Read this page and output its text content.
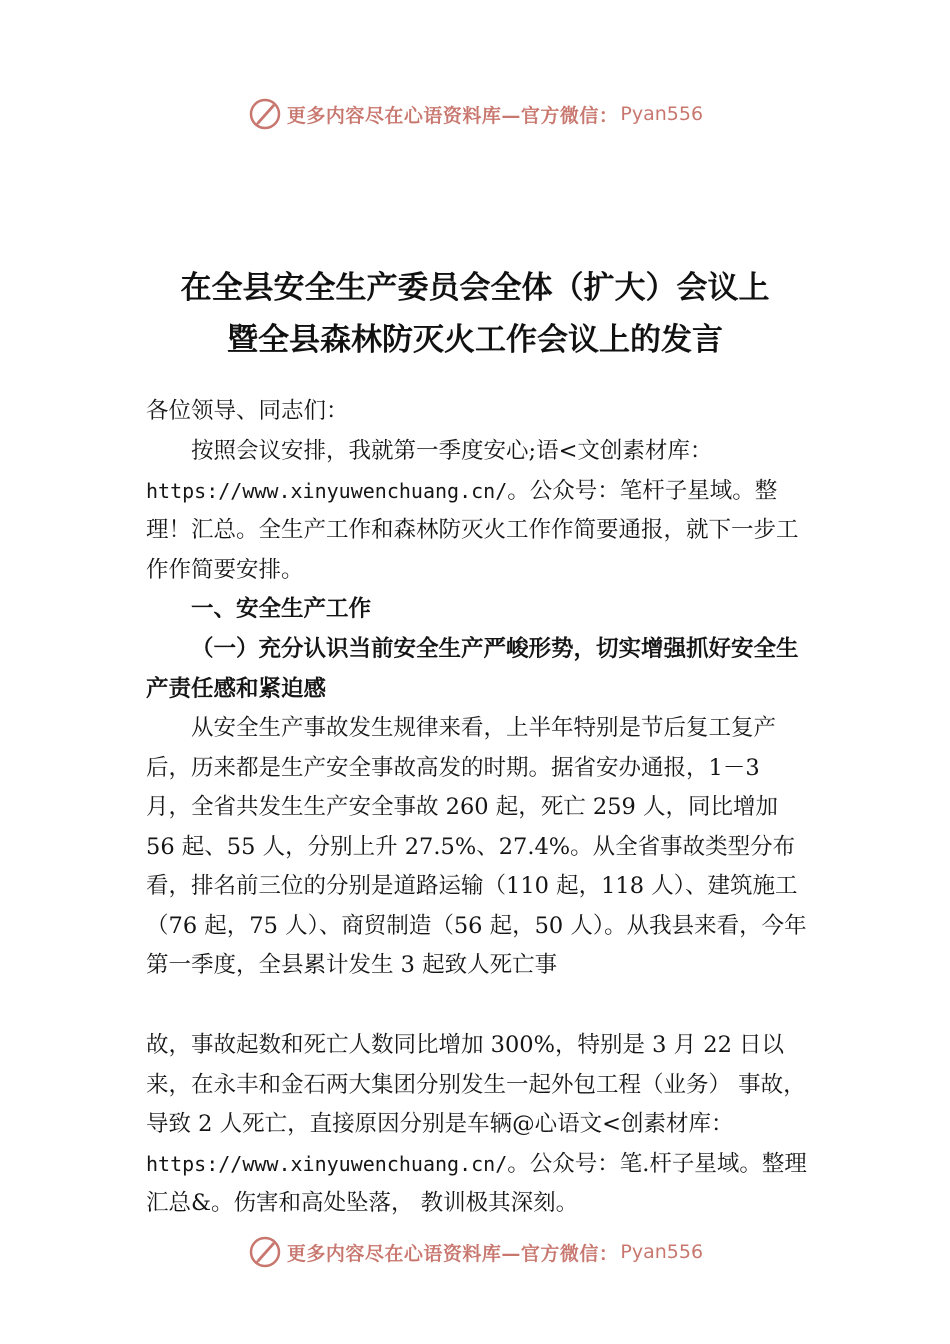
更多内容尽在心语资料库—官方微信： Pyan556
在全县安全生产委员会全体（扩大）会议上
暨全县森林防灭火工作会议上的发言

各位领导、同志们：

按照会议安排，我就第一季度安心;语<文创素材库：https://www.xinyuwenchuang.cn/。公众号：笔杆子星域。整理！汇总。全生产工作和森林防灭火工作作简要通报，就下一步工作作简要安排。

一、安全生产工作

（一）充分认识当前安全生产严峻形势，切实增强抓好安全生产责任感和紧迫感

从安全生产事故发生规律来看，上半年特别是节后复工复产后，历来都是生产安全事故高发的时期。据省安办通报，1－3 月，全省共发生生产安全事故 260 起，死亡 259 人，同比增加 56 起、55 人，分别上升 27.5%、27.4%。从全省事故类型分布看，排名前三位的分别是道路运输（110 起，118 人）、建筑施工（76 起，75 人）、商贸制造（56 起，50 人）。从我县来看，今年第一季度，全县累计发生 3 起致人死亡事

故，事故起数和死亡人数同比增加 300%，特别是 3 月 22 日以来，在永丰和金石两大集团分别发生一起外包工程（业务） 事故，导致 2 人死亡，直接原因分别是车辆@心语文<创素材库：https://www.xinyuwenchuang.cn/。公众号：笔.杆子星域。整理汇总&。伤害和高处坠落， 教训极其深刻。

更多内容尽在心语资料库—官方微信： Pyan556
